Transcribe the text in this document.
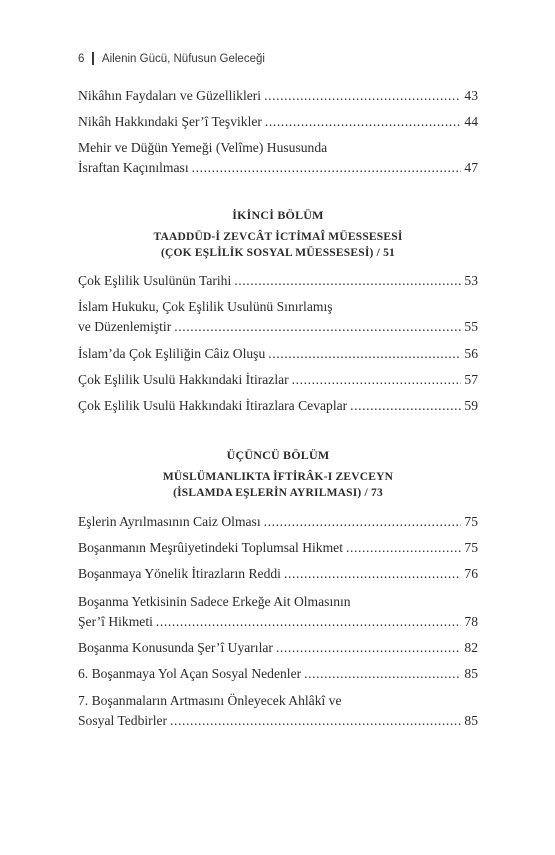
6 Ailenin Gücü, Nüfusun Geleceği
Nikâhın Faydaları ve Güzellikleri .....	43
Nikâh Hakkındaki Şer’î Teşvikler .....	44
Mehir ve Düğün Yemeği (Velîme) Hususunda
İsraftan Kaçınılması .....	47
İKİNCİ BÖLÜM
TAADDÜD-İ ZEVCÂT İCTİMAÎ MÜESSESESİ
(ÇOK EŞLİLİK SOSYAL MÜESSESESİ) / 51
Çok Eşlilik Usulünün Tarihi .....	53
İslam Hukuku, Çok Eşlilik Usulünü Sınırlamış
ve Düzenlemiştir .....	55
İslam’da Çok Eşliliğin Câiz Oluşu .....	56
Çok Eşlilik Usulü Hakkındaki İtirazlar .....	57
Çok Eşlilik Usulü Hakkındaki İtirazlara Cevaplar .....	59
ÜÇÜNCÜ BÖLÜM
MÜSLÜMANLIKTA İFTİRÂK-I ZEVCEYN
(İSLAMDA EŞLERİN AYRILMASI) / 73
Eşlerin Ayrılmasının Caiz Olması .....	75
Boşanmanın Meşrûiyetindeki Toplumsal Hikmet .....	75
Boşanmaya Yönelik İtirazların Reddi .....	76
Boşanma Yetkisinin Sadece Erkeğe Ait Olmasının
Şer’î Hikmeti .....	78
Boşanma Konusunda Şer’î Uyarılar .....	82
6. Boşanmaya Yol Açan Sosyal Nedenler .....	85
7. Boşanmaların Artmasını Önleyecek Ahlâkî ve
Sosyal Tedbirler .....	85
